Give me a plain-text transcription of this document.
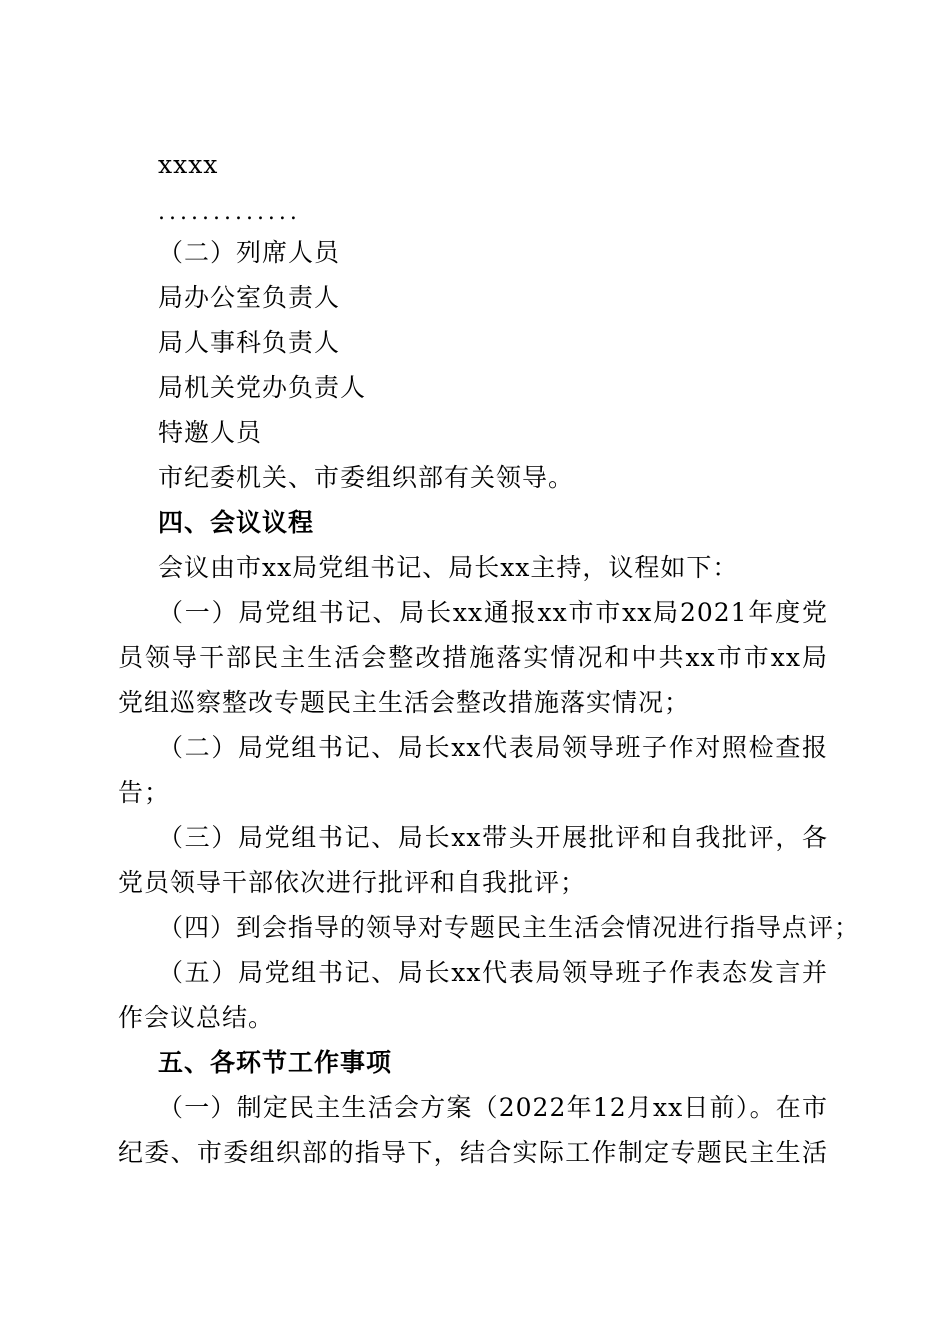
xxxx
.............
（二）列席人员
局办公室负责人
局人事科负责人
局机关党办负责人
特邀人员
市纪委机关、市委组织部有关领导。
四、会议议程
会议由市xx局党组书记、局长xx主持，议程如下：
（一）局党组书记、局长xx通报xx市市xx局2021年度党
员领导干部民主生活会整改措施落实情况和中共xx市市xx局
党组巡察整改专题民主生活会整改措施落实情况；
（二）局党组书记、局长xx代表局领导班子作对照检查报
告；
（三）局党组书记、局长xx带头开展批评和自我批评，各
党员领导干部依次进行批评和自我批评；
（四）到会指导的领导对专题民主生活会情况进行指导点评；
（五）局党组书记、局长xx代表局领导班子作表态发言并
作会议总结。
五、各环节工作事项
（一）制定民主生活会方案（2022年12月xx日前）。在市
纪委、市委组织部的指导下，结合实际工作制定专题民主生活
